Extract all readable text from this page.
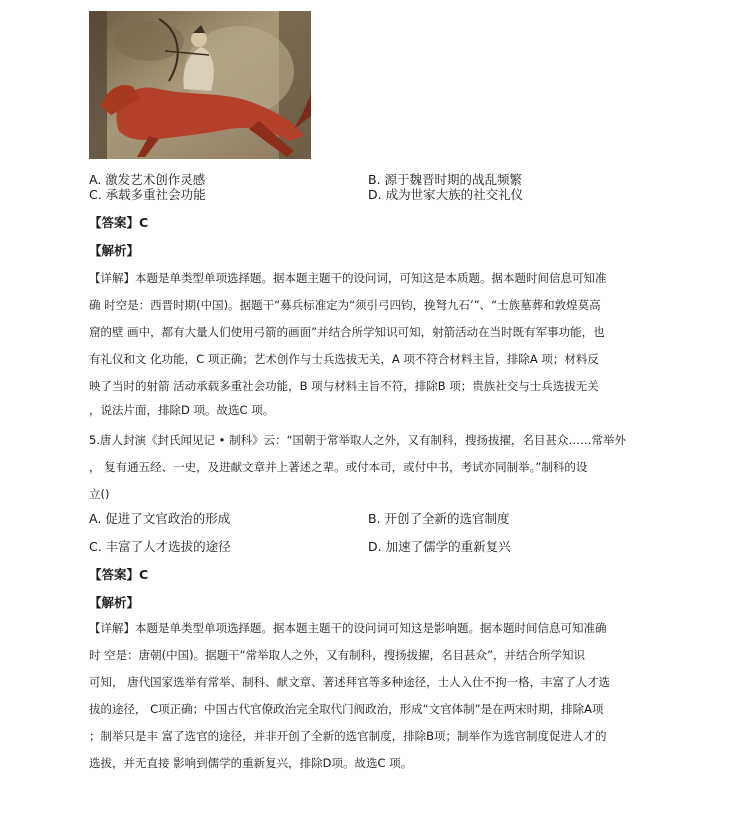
A. 激发艺术创作灵感	B. 源于魏晋时期的战乱频繁
C. 承载多重社会功能	D. 成为世家大族的社交礼仪
【答案】C
【解析】
【详解】本题是单类型单项选择题。据本题主题干的设问词，可知这是本质题。据本题时间信息可知准
确 时空是：西晋时期(中国)。据题干“募兵标准定为“须引弓四钧，挽弩九石’”、“士族墓葬和敦煌莫高
窟的壁 画中，都有大量人们使用弓箭的画面”并结合所学知识可知，射箭活动在当时既有军事功能，也
有礼仪和文 化功能，C 项正确；艺术创作与士兵选拔无关，A 项不符合材料主旨，排除A 项；材料反
映了当时的射箭 活动承载多重社会功能，B 项与材料主旨不符，排除B 项；贵族社交与士兵选拔无关
，说法片面，排除D 项。故选C 项。
5.唐人封演《封氏闻见记 • 制科》云：“国朝于常举取人之外，又有制科，搜扬拔擢，名目甚众……常举外
， 复有通五经、一史，及进献文章并上著述之辈。或付本司，或付中书，考试亦同制举。”制科的设
立()
A. 促进了文官政治的形成	B. 开创了全新的选官制度
C. 丰富了人才选拔的途径	D. 加速了儒学的重新复兴
【答案】C
【解析】
【详解】本题是单类型单项选择题。据本题主题干的设问词可知这是影响题。据本题时间信息可知准确
时 空是：唐朝(中国)。据题干“常举取人之外，又有制科，搜扬拔擢，名目甚众”，并结合所学知识
可知， 唐代国家选举有常举、制科、献文章、著述拜官等多种途径，士人入仕不拘一格，丰富了人才选
拔的途径， C项正确；中国古代官僚政治完全取代门阀政治，形成“文官体制”是在两宋时期，排除A项
；制举只是丰 富了选官的途径，并非开创了全新的选官制度，排除B项；制举作为选官制度促进人才的
选拔，并无直接 影响到儒学的重新复兴，排除D项。故选C 项。
